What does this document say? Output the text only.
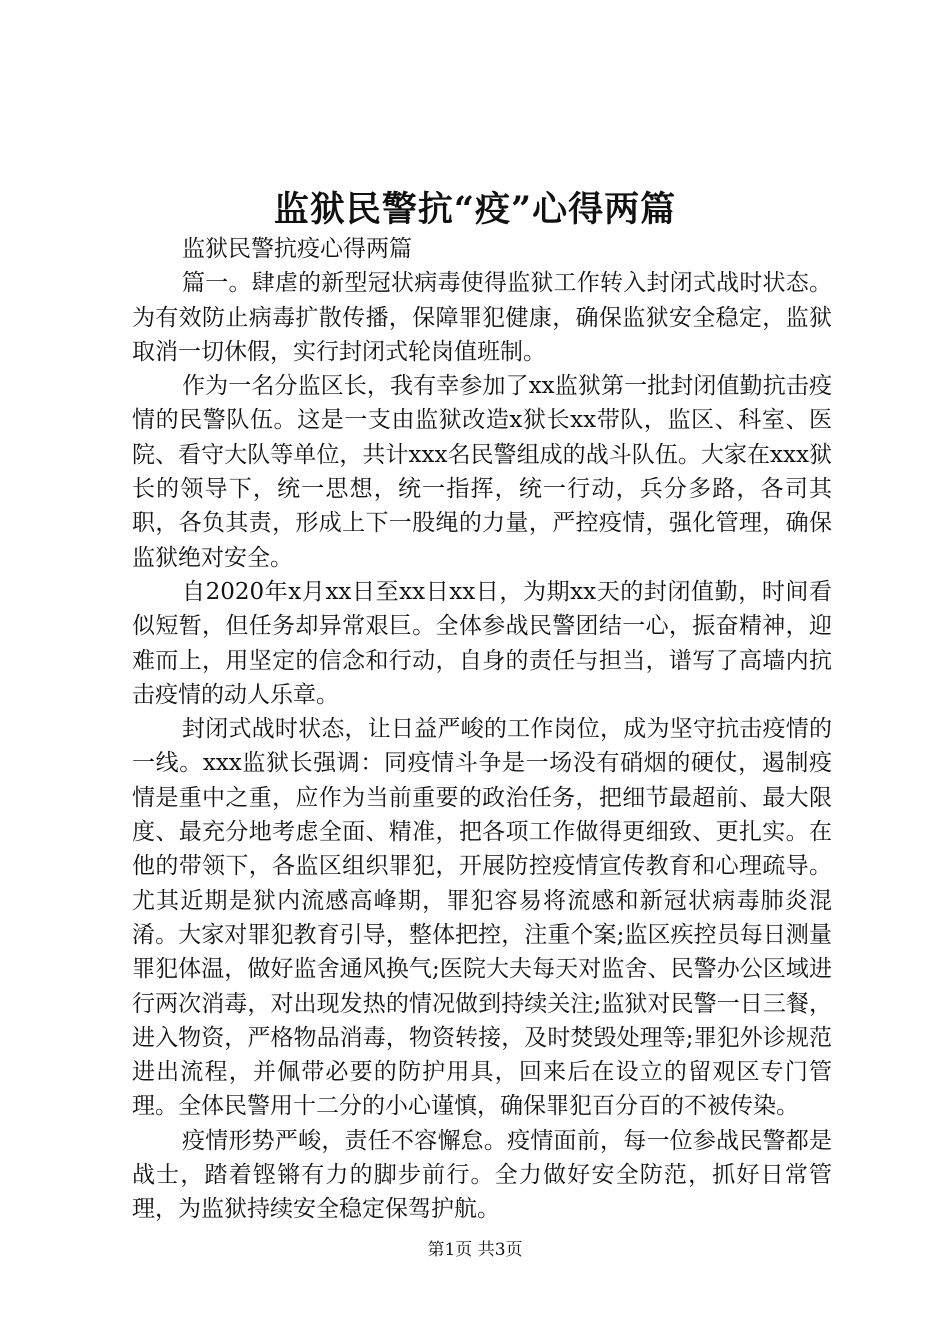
监狱民警抗“疫”心得两篇

监狱民警抗疫心得两篇

篇一。肆虐的新型冠状病毒使得监狱工作转入封闭式战时状态。为有效防止病毒扩散传播，保障罪犯健康，确保监狱安全稳定，监狱取消一切休假，实行封闭式轮岗值班制。

作为一名分监区长，我有幸参加了xx监狱第一批封闭值勤抗击疫情的民警队伍。这是一支由监狱改造x狱长xx带队，监区、科室、医院、看守大队等单位，共计xxx名民警组成的战斗队伍。大家在xxx狱长的领导下，统一思想，统一指挥，统一行动，兵分多路，各司其职，各负其责，形成上下一股绳的力量，严控疫情，强化管理，确保监狱绝对安全。

自2020年x月xx日至xx日xx日，为期xx天的封闭值勤，时间看似短暂，但任务却异常艰巨。全体参战民警团结一心，振奋精神，迎难而上，用坚定的信念和行动，自身的责任与担当，谱写了高墙内抗击疫情的动人乐章。

封闭式战时状态，让日益严峻的工作岗位，成为坚守抗击疫情的一线。xxx监狱长强调：同疫情斗争是一场没有硝烟的硬仗，遏制疫情是重中之重，应作为当前重要的政治任务，把细节最超前、最大限度、最充分地考虑全面、精准，把各项工作做得更细致、更扎实。在他的带领下，各监区组织罪犯，开展防控疫情宣传教育和心理疏导。尤其近期是狱内流感高峰期，罪犯容易将流感和新冠状病毒肺炎混淆。大家对罪犯教育引导，整体把控，注重个案;监区疾控员每日测量罪犯体温，做好监舍通风换气;医院大夫每天对监舍、民警办公区域进行两次消毒，对出现发热的情况做到持续关注;监狱对民警一日三餐，进入物资，严格物品消毒，物资转接，及时焚毁处理等;罪犯外诊规范进出流程，并佩带必要的防护用具，回来后在设立的留观区专门管理。全体民警用十二分的小心谨慎，确保罪犯百分百的不被传染。

疫情形势严峻，责任不容懈怠。疫情面前，每一位参战民警都是战士，踏着铿锵有力的脚步前行。全力做好安全防范，抓好日常管理，为监狱持续安全稳定保驾护航。

第1页 共3页
